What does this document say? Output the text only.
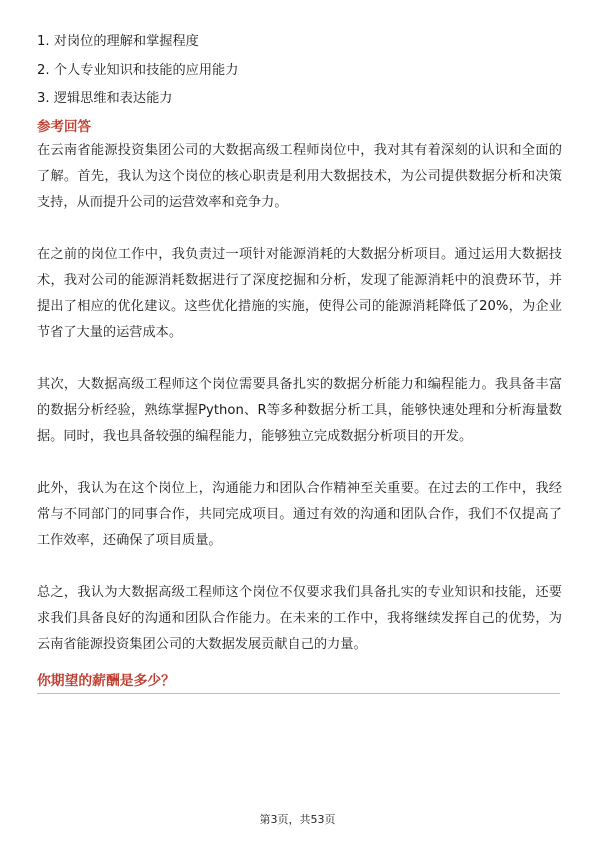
1. 对岗位的理解和掌握程度
2. 个人专业知识和技能的应用能力
3. 逻辑思维和表达能力
参考回答

在云南省能源投资集团公司的大数据高级工程师岗位中，我对其有着深刻的认识和全面的了解。首先，我认为这个岗位的核心职责是利用大数据技术，为公司提供数据分析和决策支持，从而提升公司的运营效率和竞争力。

在之前的岗位工作中，我负责过一项针对能源消耗的大数据分析项目。通过运用大数据技术，我对公司的能源消耗数据进行了深度挖掘和分析，发现了能源消耗中的浪费环节，并提出了相应的优化建议。这些优化措施的实施，使得公司的能源消耗降低了20%，为企业节省了大量的运营成本。

其次，大数据高级工程师这个岗位需要具备扎实的数据分析能力和编程能力。我具备丰富的数据分析经验，熟练掌握Python、R等多种数据分析工具，能够快速处理和分析海量数据。同时，我也具备较强的编程能力，能够独立完成数据分析项目的开发。

此外，我认为在这个岗位上，沟通能力和团队合作精神至关重要。在过去的工作中，我经常与不同部门的同事合作，共同完成项目。通过有效的沟通和团队合作，我们不仅提高了工作效率，还确保了项目质量。

总之，我认为大数据高级工程师这个岗位不仅要求我们具备扎实的专业知识和技能，还要求我们具备良好的沟通和团队合作能力。在未来的工作中，我将继续发挥自己的优势，为云南省能源投资集团公司的大数据发展贡献自己的力量。

你期望的薪酬是多少？
第3页，共53页
